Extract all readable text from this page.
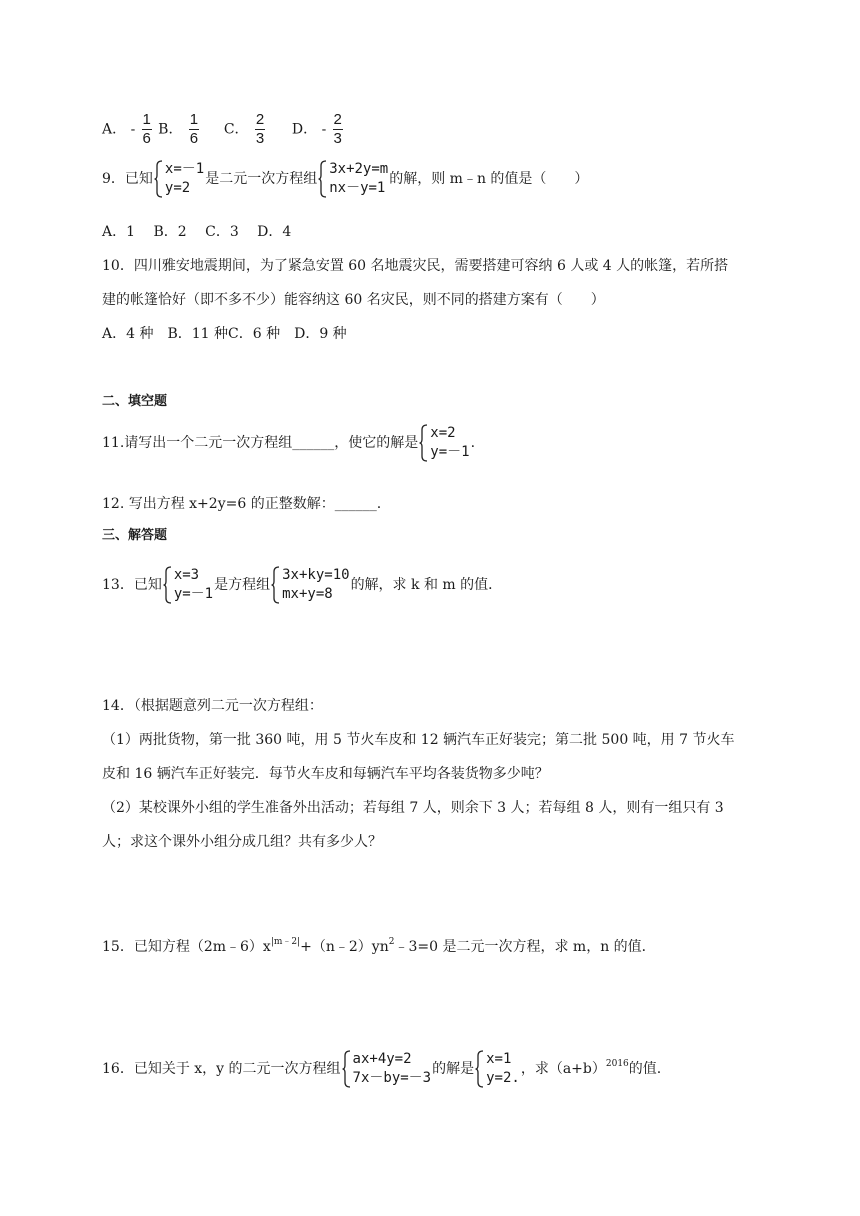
A． - $\frac{1}{6}$ B． $\frac{1}{6}$ C． $\frac{2}{3}$ D． - $\frac{2}{3}$
9．已知
x=－1
y=2
是二元一次方程组
3x+2y=m
nx－y=1
的解，则 m﹣n 的值是（　　）
A．1　 B．2　 C．3　 D．4
10．四川雅安地震期间，为了紧急安置 60 名地震灾民，需要搭建可容纳 6 人或 4 人的帐篷，若所搭
建的帐篷恰好（即不多不少）能容纳这 60 名灾民，则不同的搭建方案有（　　）
A．4 种　B．11 种C．6 种　D．9 种
二、填空题
11.请写出一个二元一次方程组______，使它的解是
x=2
y=－1
.
12. 写出方程 x+2y=6 的正整数解：______.
三、解答题
13．已知
x=3
y=－1
是方程组
3x+ky=10
mx+y=8
的解，求 k 和 m 的值．
14．（根据题意列二元一次方程组：
（1）两批货物，第一批 360 吨，用 5 节火车皮和 12 辆汽车正好装完；第二批 500 吨，用 7 节火车
皮和 16 辆汽车正好装完．每节火车皮和每辆汽车平均各装货物多少吨？
（2）某校课外小组的学生准备外出活动；若每组 7 人，则余下 3 人；若每组 8 人，则有一组只有 3
人；求这个课外小组分成几组？共有多少人？
15．已知方程$(2m﹣6)x^{|m﹣2|}+(n﹣2)yn^2﹣3=0$ 是二元一次方程，求 m，n 的值．
16．已知关于 x，y 的二元一次方程组
ax+4y=2
7x－by=－3
的解是
x=1
y=2.
，求$(a+b)^{2016}$的值.
